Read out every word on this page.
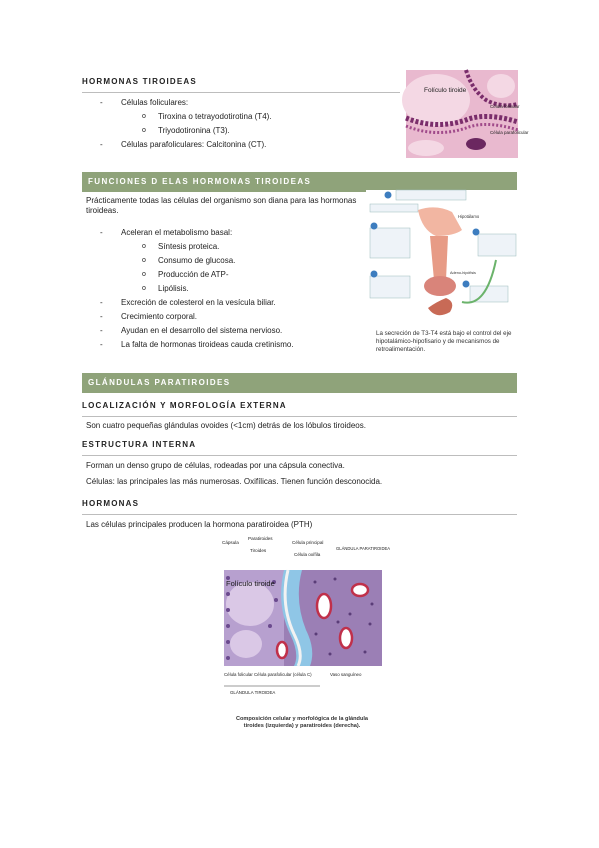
HORMONAS TIROIDEAS
- Células foliculares:
o Tiroxina o tetrayodotirotina (T4).
o Triyodotironina (T3).
- Células parafoliculares: Calcitonina (CT).
Folículo tiroide
Célula folicular
Célula parafolicular
FUNCIONES D ELAS HORMONAS TIROIDEAS
Prácticamente todas las células del organismo son diana para las hormonas tiroideas.
- Aceleran el metabolismo basal:
o Síntesis proteica.
o Consumo de glucosa.
o Producción de ATP-
o Lipólisis.
- Excreción de colesterol en la vesícula biliar.
- Crecimiento corporal.
- Ayudan en el desarrollo del sistema nervioso.
- La falta de hormonas tiroideas cauda cretinismo.
Hipotálamo
Adeno-hipófisis
La secreción de T3-T4 está bajo el control del eje hipotalámico-hipofisario y de mecanismos de retroalimentación.
GLÁNDULAS PARATIROIDES
LOCALIZACIÓN Y MORFOLOGÍA EXTERNA
Son cuatro pequeñas glándulas ovoides (<1cm) detrás de los lóbulos tiroideos.
ESTRUCTURA INTERNA
Forman un denso grupo de células, rodeadas por una cápsula conectiva.
Células: las principales las más numerosas. Oxifílicas. Tienen función desconocida.
HORMONAS
Las células principales producen la hormona paratiroidea (PTH)
Cápsula
Paratiroides
Tiroides
Célula principal
Célula oxífila
GLÁNDULA PARATIROIDEA
Folículo tiroide
Célula folicular Célula parafolicular (célula C)	Vaso sanguíneo
GLÁNDULA TIROIDEA
Composición celular y morfológica de la glándula tiroides (izquierda) y paratiroides (derecha).
